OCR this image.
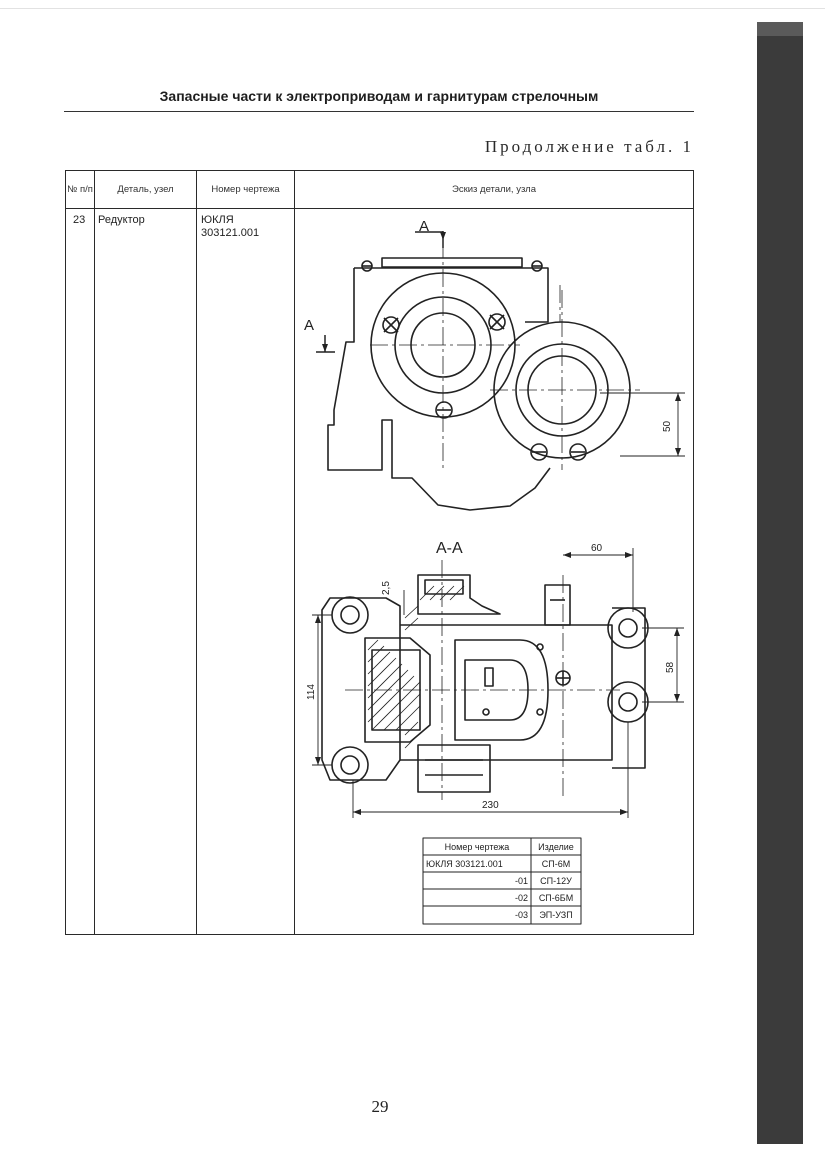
Запасные части к электроприводам и гарнитурам стрелочным
Продолжение табл. 1
№ п/п	Деталь, узел	Номер чертежа	Эскиз детали, узла
23 Редуктор	ЮКЛЯ 303121.001	А
А
А-А
50
60
2,5
58
114
230
Номер чертежа	Изделие
ЮКЛЯ 303121.001	СП-6М
-01 СП-12У
-02 СП-6БМ
-03 ЭП-УЗП
29
